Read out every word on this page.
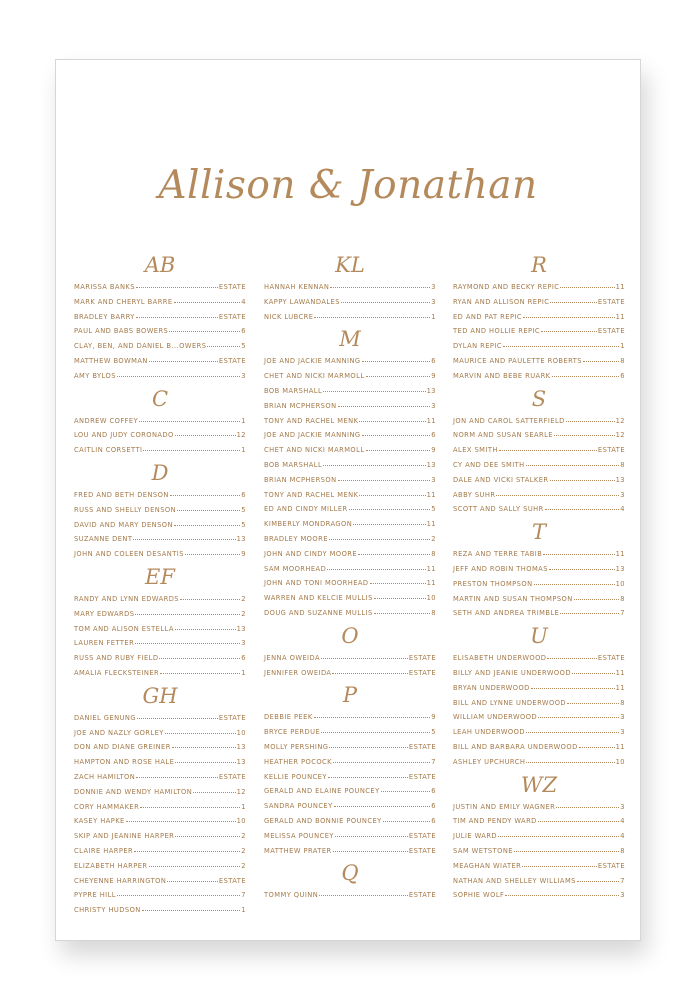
Allison & Jonathan
AB
MARISSA BANKS	ESTATE
MARK AND CHERYL BARRE	4
BRADLEY BARRY	ESTATE
PAUL AND BABS BOWERS	6
CLAY, BEN, AND DANIEL B...OWERS	5
MATTHEW BOWMAN	ESTATE
AMY BYLOS	3
C
ANDREW COFFEY	1
LOU AND JUDY CORONADO	12
CAITLIN CORSETTI	1
D
FRED AND BETH DENSON	6
RUSS AND SHELLY DENSON	5
DAVID AND MARY DENSON	5
SUZANNE DENT	13
JOHN AND COLEEN DESANTIS	9
EF
RANDY AND LYNN EDWARDS	2
MARY EDWARDS	2
TOM AND ALISON ESTELLA	13
LAUREN FETTER	3
RUSS AND RUBY FIELD	6
AMALIA FLECKSTEINER	1
GH
DANIEL GENUNG	ESTATE
JOE AND NAZLY GORLEY	10
DON AND DIANE GREINER	13
HAMPTON AND ROSE HALE	13
ZACH HAMILTON	ESTATE
DONNIE AND WENDY HAMILTON	12
CORY HAMMAKER	1
KASEY HAPKE	10
SKIP AND JEANINE HARPER	2
CLAIRE HARPER	2
ELIZABETH HARPER	2
CHEYENNE HARRINGTON	ESTATE
PYPRE HILL	7
CHRISTY HUDSON	1
KL
HANNAH KENNAN	3
KAPPY LAWANDALES	3
NICK LUBCRE	1
M
JOE AND JACKIE MANNING	6
CHET AND NICKI MARMOLL	9
BOB MARSHALL	13
BRIAN MCPHERSON	3
TONY AND RACHEL MENK	11
JOE AND JACKIE MANNING	6
CHET AND NICKI MARMOLL	9
BOB MARSHALL	13
BRIAN MCPHERSON	3
TONY AND RACHEL MENK	11
ED AND CINDY MILLER	5
KIMBERLY MONDRAGON	11
BRADLEY MOORE	2
JOHN AND CINDY MOORE	8
SAM MOORHEAD	11
JOHN AND TONI MOORHEAD	11
WARREN AND KELCIE MULLIS	10
DOUG AND SUZANNE MULLIS	8
O
JENNA OWEIDA	ESTATE
JENNIFER OWEIDA	ESTATE
P
DEBBIE PEEK	9
BRYCE PERDUE	5
MOLLY PERSHING	ESTATE
HEATHER POCOCK	7
KELLIE POUNCEY	ESTATE
GERALD AND ELAINE POUNCEY	6
SANDRA POUNCEY	6
GERALD AND BONNIE POUNCEY	6
MELISSA POUNCEY	ESTATE
MATTHEW PRATER	ESTATE
Q
TOMMY QUINN	ESTATE
R
RAYMOND AND BECKY REPIC	11
RYAN AND ALLISON REPIC	ESTATE
ED AND PAT REPIC	11
TED AND HOLLIE REPIC	ESTATE
DYLAN REPIC	1
MAURICE AND PAULETTE ROBERTS	8
MARVIN AND BEBE RUARK	6
S
JON AND CAROL SATTERFIELD	12
NORM AND SUSAN SEARLE	12
ALEX SMITH	ESTATE
CY AND DEE SMITH	8
DALE AND VICKI STALKER	13
ABBY SUHR	3
SCOTT AND SALLY SUHR	4
T
REZA AND TERRE TABIB	11
JEFF AND ROBIN THOMAS	13
PRESTON THOMPSON	10
MARTIN AND SUSAN THOMPSON	8
SETH AND ANDREA TRIMBLE	7
U
ELISABETH UNDERWOOD	ESTATE
BILLY AND JEANIE UNDERWOOD	11
BRYAN UNDERWOOD	11
BILL AND LYNNE UNDERWOOD	8
WILLIAM UNDERWOOD	3
LEAH UNDERWOOD	3
BILL AND BARBARA UNDERWOOD	11
ASHLEY UPCHURCH	10
WZ
JUSTIN AND EMILY WAGNER	3
TIM AND PENDY WARD	4
JULIE WARD	4
SAM WETSTONE	8
MEAGHAN WIATER	ESTATE
NATHAN AND SHELLEY WILLIAMS	7
SOPHIE WOLF	3
